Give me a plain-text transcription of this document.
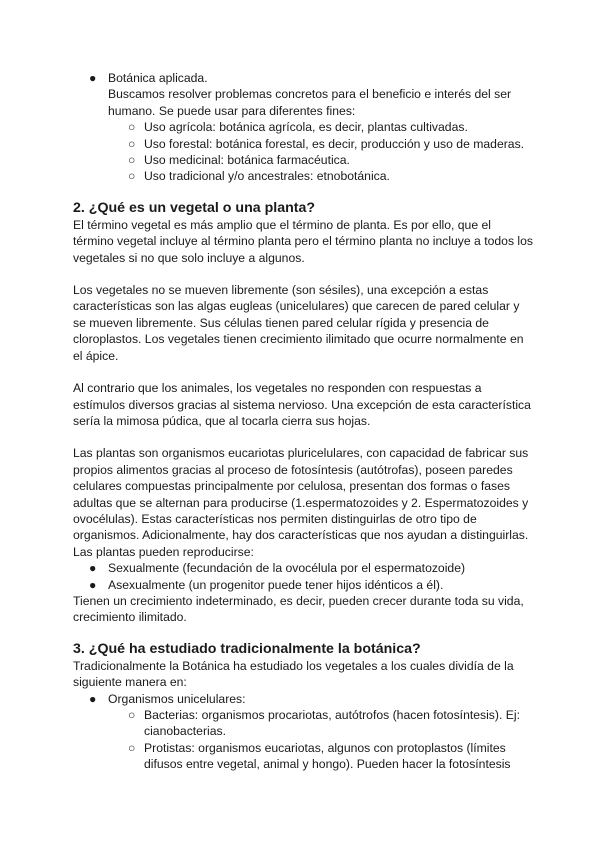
● Botánica aplicada.
Buscamos resolver problemas concretos para el beneficio e interés del ser humano. Se puede usar para diferentes fines:
○ Uso agrícola: botánica agrícola, es decir, plantas cultivadas.
○ Uso forestal: botánica forestal, es decir, producción y uso de maderas.
○ Uso medicinal: botánica farmacéutica.
○ Uso tradicional y/o ancestrales: etnobotánica.
2. ¿Qué es un vegetal o una planta?
El término vegetal es más amplio que el término de planta. Es por ello, que el término vegetal incluye al término planta pero el término planta no incluye a todos los vegetales si no que solo incluye a algunos.
Los vegetales no se mueven libremente (son sésiles), una excepción a estas características son las algas eugleas (unicelulares) que carecen de pared celular y se mueven libremente. Sus células tienen pared celular rígida y presencia de cloroplastos. Los vegetales tienen crecimiento ilimitado que ocurre normalmente en el ápice.
Al contrario que los animales, los vegetales no responden con respuestas a estímulos diversos gracias al sistema nervioso. Una excepción de esta característica sería la mimosa púdica, que al tocarla cierra sus hojas.
Las plantas son organismos eucariotas pluricelulares, con capacidad de fabricar sus propios alimentos gracias al proceso de fotosíntesis (autótrofas), poseen paredes celulares compuestas principalmente por celulosa, presentan dos formas o fases adultas que se alternan para producirse (1.espermatozoides y 2. Espermatozoides y ovocélulas). Estas características nos permiten distinguirlas de otro tipo de organismos. Adicionalmente, hay dos características que nos ayudan a distinguirlas.
Las plantas pueden reproducirse:
● Sexualmente (fecundación de la ovocélula por el espermatozoide)
● Asexualmente (un progenitor puede tener hijos idénticos a él).
Tienen un crecimiento indeterminado, es decir, pueden crecer durante toda su vida, crecimiento ilimitado.
3. ¿Qué ha estudiado tradicionalmente la botánica?
Tradicionalmente la Botánica ha estudiado los vegetales a los cuales dividía de la siguiente manera en:
● Organismos unicelulares:
○ Bacterias: organismos procariotas, autótrofos (hacen fotosíntesis). Ej: cianobacterias.
○ Protistas: organismos eucariotas, algunos con protoplastos (límites difusos entre vegetal, animal y hongo). Pueden hacer la fotosíntesis
